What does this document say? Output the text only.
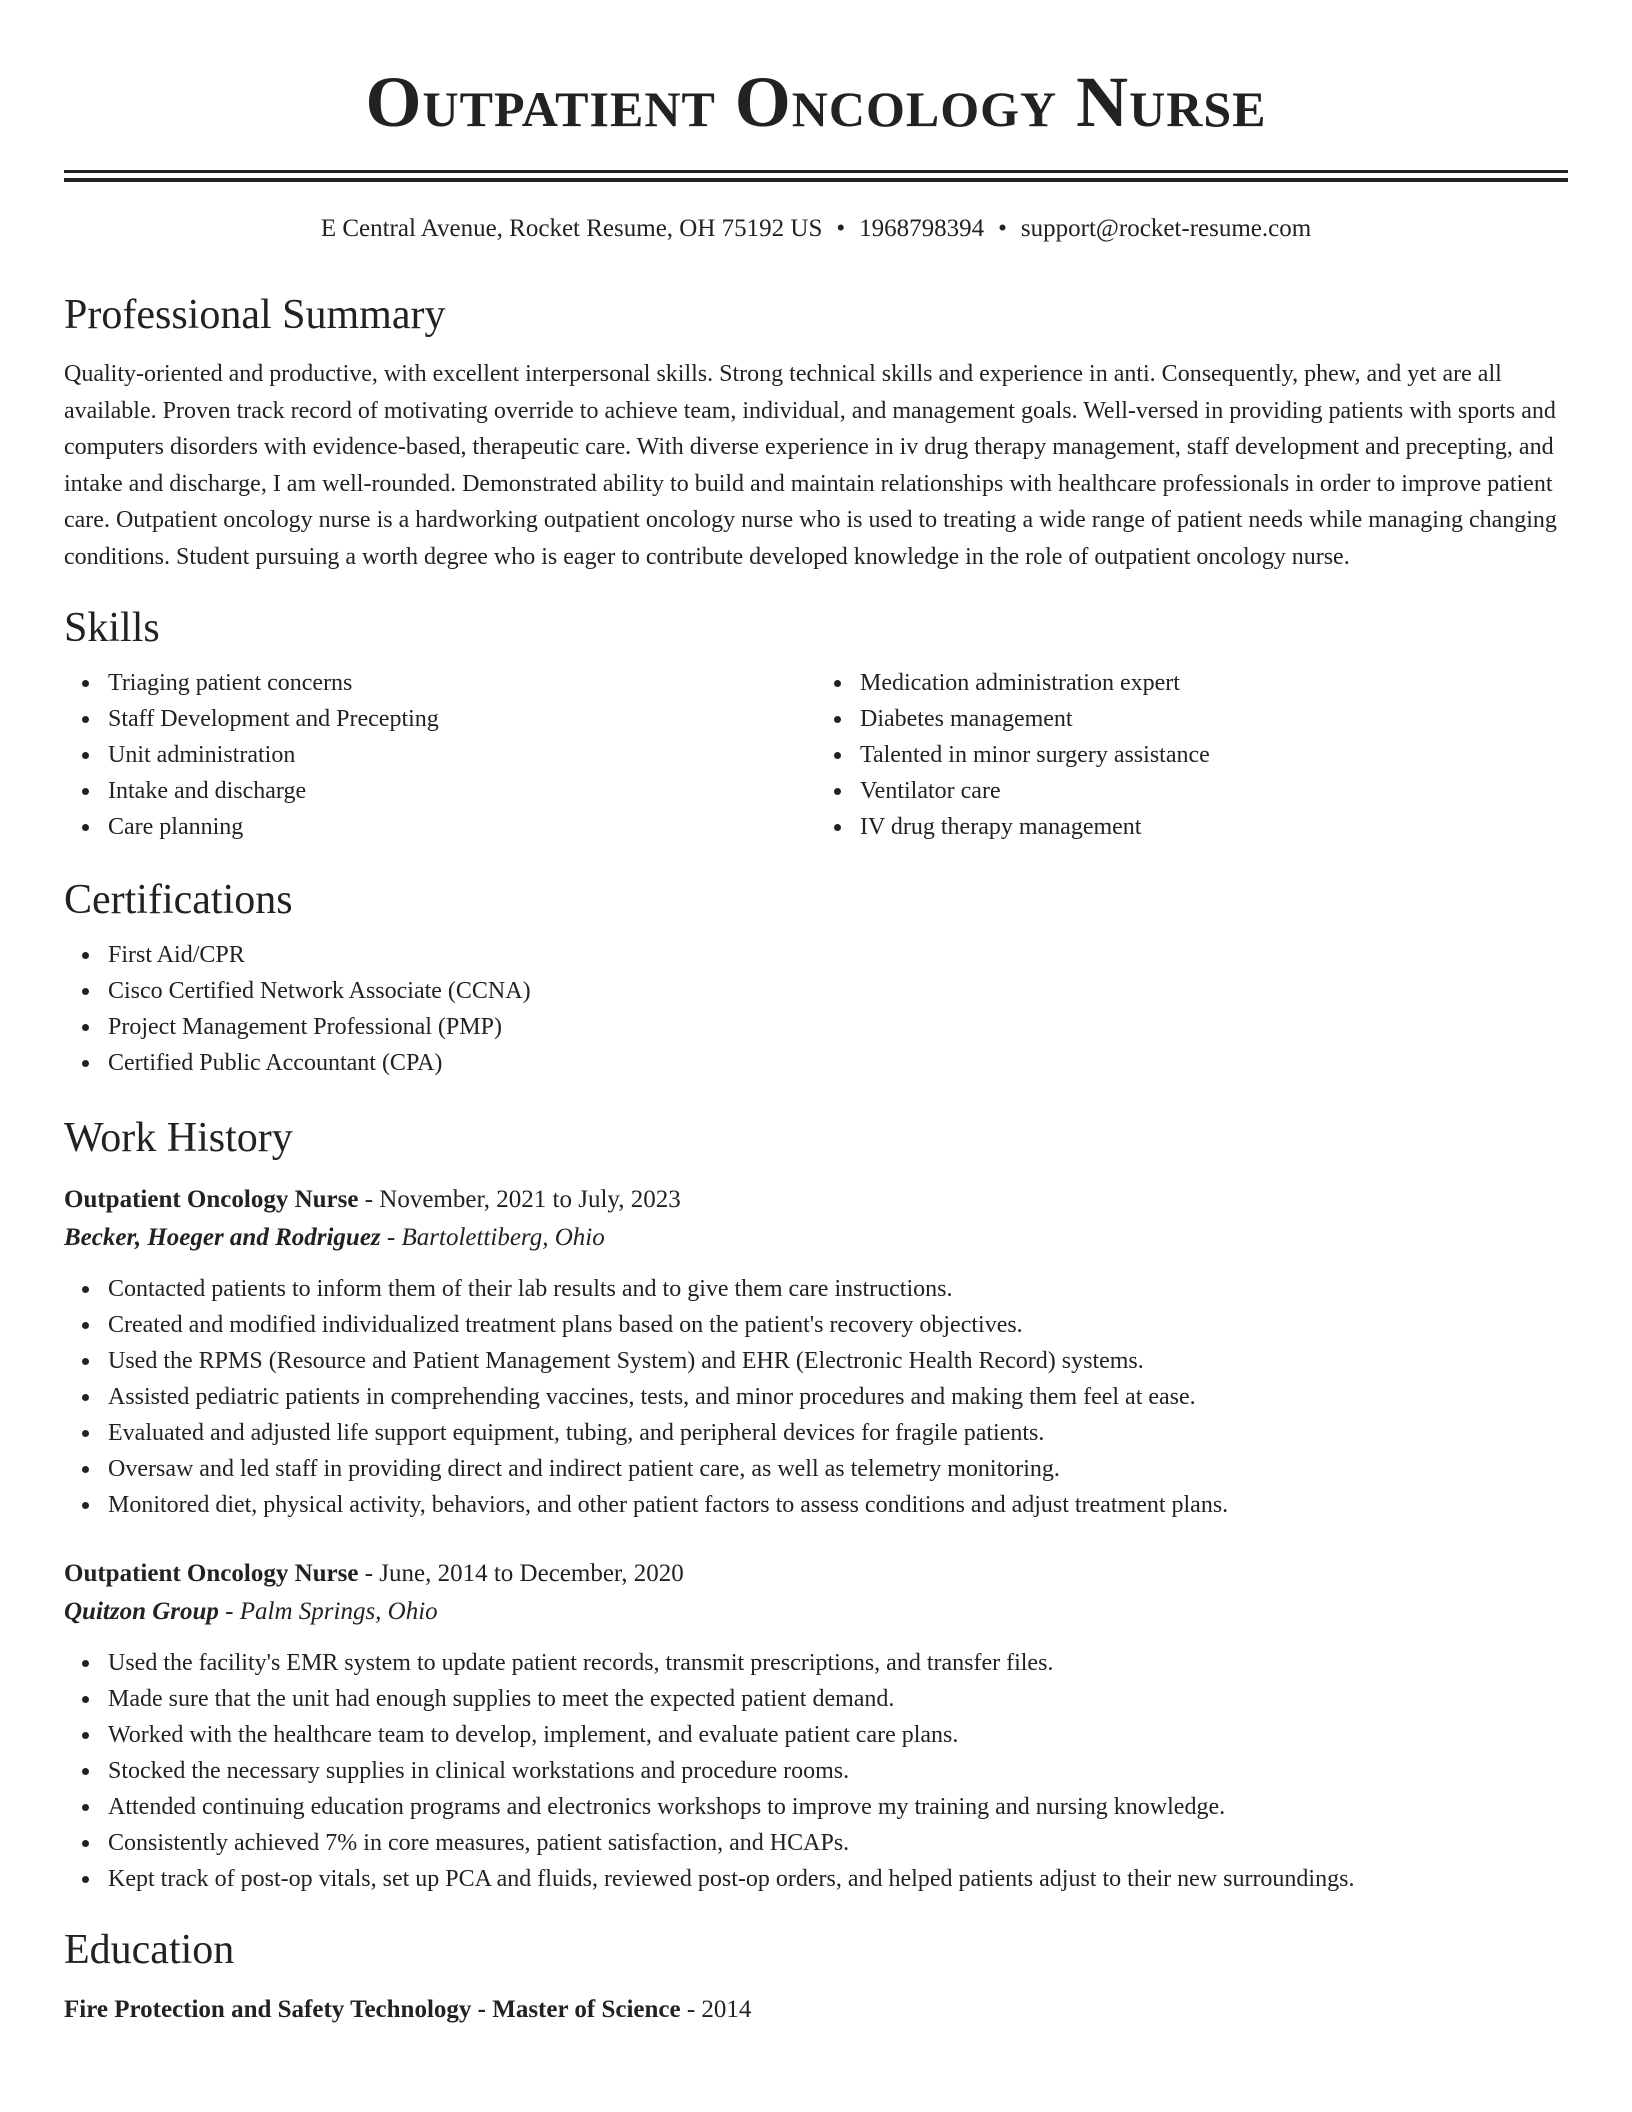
Outpatient Oncology Nurse
E Central Avenue, Rocket Resume, OH 75192 US • 1968798394 • support@rocket-resume.com
Professional Summary

Quality-oriented and productive, with excellent interpersonal skills. Strong technical skills and experience in anti. Consequently, phew, and yet are all available. Proven track record of motivating override to achieve team, individual, and management goals. Well-versed in providing patients with sports and computers disorders with evidence-based, therapeutic care. With diverse experience in iv drug therapy management, staff development and precepting, and intake and discharge, I am well-rounded. Demonstrated ability to build and maintain relationships with healthcare professionals in order to improve patient care. Outpatient oncology nurse is a hardworking outpatient oncology nurse who is used to treating a wide range of patient needs while managing changing conditions. Student pursuing a worth degree who is eager to contribute developed knowledge in the role of outpatient oncology nurse.

Skills
Triaging patient concerns
Staff Development and Precepting
Unit administration
Intake and discharge
Care planning
Medication administration expert
Diabetes management
Talented in minor surgery assistance
Ventilator care
IV drug therapy management
Certifications
First Aid/CPR
Cisco Certified Network Associate (CCNA)
Project Management Professional (PMP)
Certified Public Accountant (CPA)
Work History
Outpatient Oncology Nurse - November, 2021 to July, 2023
Becker, Hoeger and Rodriguez - Bartolettiberg, Ohio
Contacted patients to inform them of their lab results and to give them care instructions.
Created and modified individualized treatment plans based on the patient's recovery objectives.
Used the RPMS (Resource and Patient Management System) and EHR (Electronic Health Record) systems.
Assisted pediatric patients in comprehending vaccines, tests, and minor procedures and making them feel at ease.
Evaluated and adjusted life support equipment, tubing, and peripheral devices for fragile patients.
Oversaw and led staff in providing direct and indirect patient care, as well as telemetry monitoring.
Monitored diet, physical activity, behaviors, and other patient factors to assess conditions and adjust treatment plans.
Outpatient Oncology Nurse - June, 2014 to December, 2020
Quitzon Group - Palm Springs, Ohio
Used the facility's EMR system to update patient records, transmit prescriptions, and transfer files.
Made sure that the unit had enough supplies to meet the expected patient demand.
Worked with the healthcare team to develop, implement, and evaluate patient care plans.
Stocked the necessary supplies in clinical workstations and procedure rooms.
Attended continuing education programs and electronics workshops to improve my training and nursing knowledge.
Consistently achieved 7% in core measures, patient satisfaction, and HCAPs.
Kept track of post-op vitals, set up PCA and fluids, reviewed post-op orders, and helped patients adjust to their new surroundings.
Education
Fire Protection and Safety Technology - Master of Science - 2014
